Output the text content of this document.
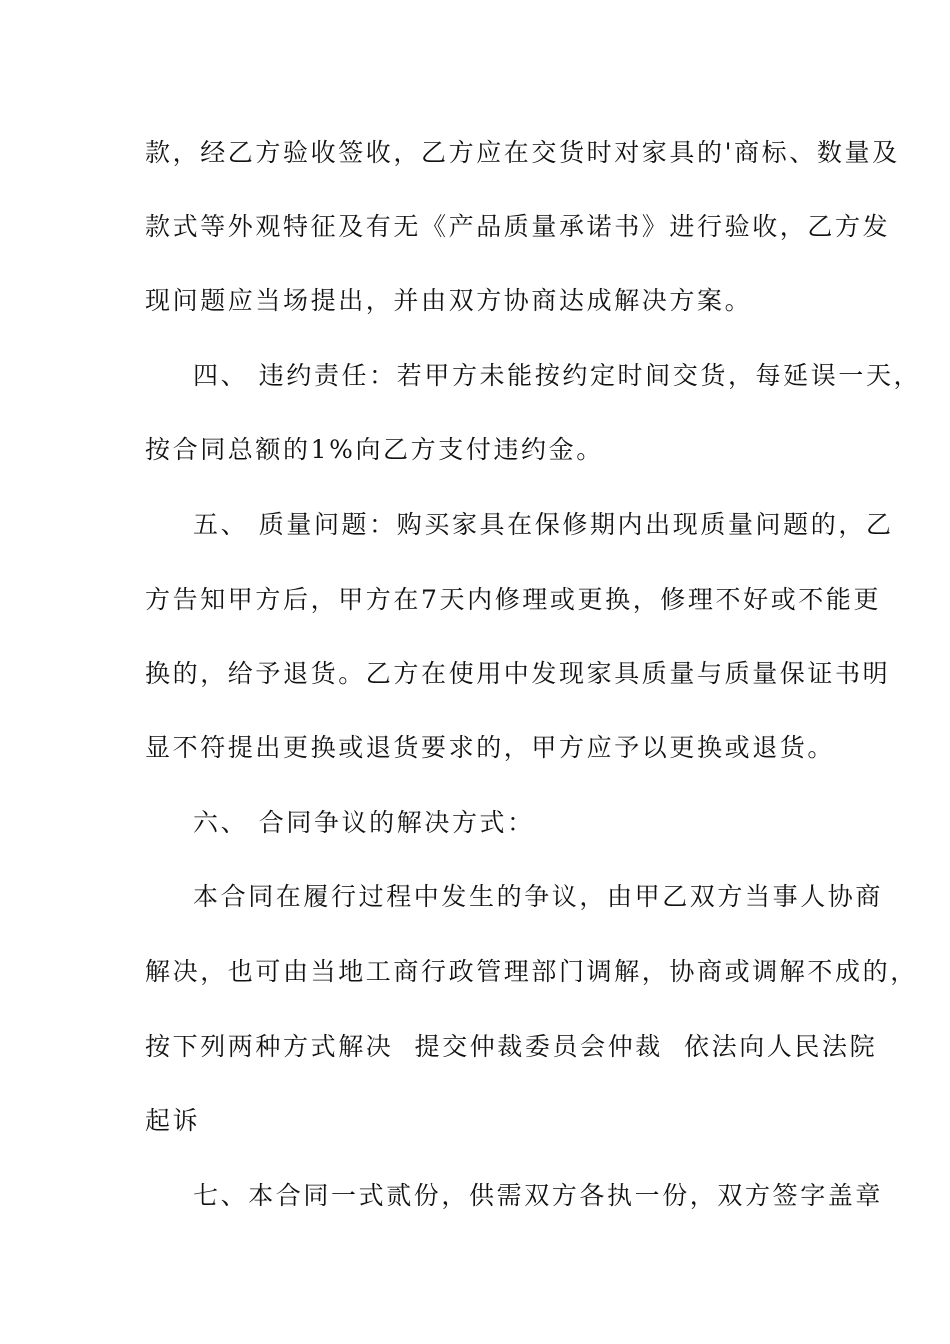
款，经乙方验收签收，乙方应在交货时对家具的'商标、数量及
款式等外观特征及有无《产品质量承诺书》进行验收，乙方发
现问题应当场提出，并由双方协商达成解决方案。
四、 违约责任：若甲方未能按约定时间交货，每延误一天，
按合同总额的1%向乙方支付违约金。
五、 质量问题：购买家具在保修期内出现质量问题的，乙
方告知甲方后，甲方在7天内修理或更换，修理不好或不能更
换的，给予退货。乙方在使用中发现家具质量与质量保证书明
显不符提出更换或退货要求的，甲方应予以更换或退货。
六、 合同争议的解决方式：
本合同在履行过程中发生的争议，由甲乙双方当事人协商
解决，也可由当地工商行政管理部门调解，协商或调解不成的，
按下列两种方式解决  提交仲裁委员会仲裁  依法向人民法院
起诉
七、本合同一式贰份，供需双方各执一份，双方签字盖章
